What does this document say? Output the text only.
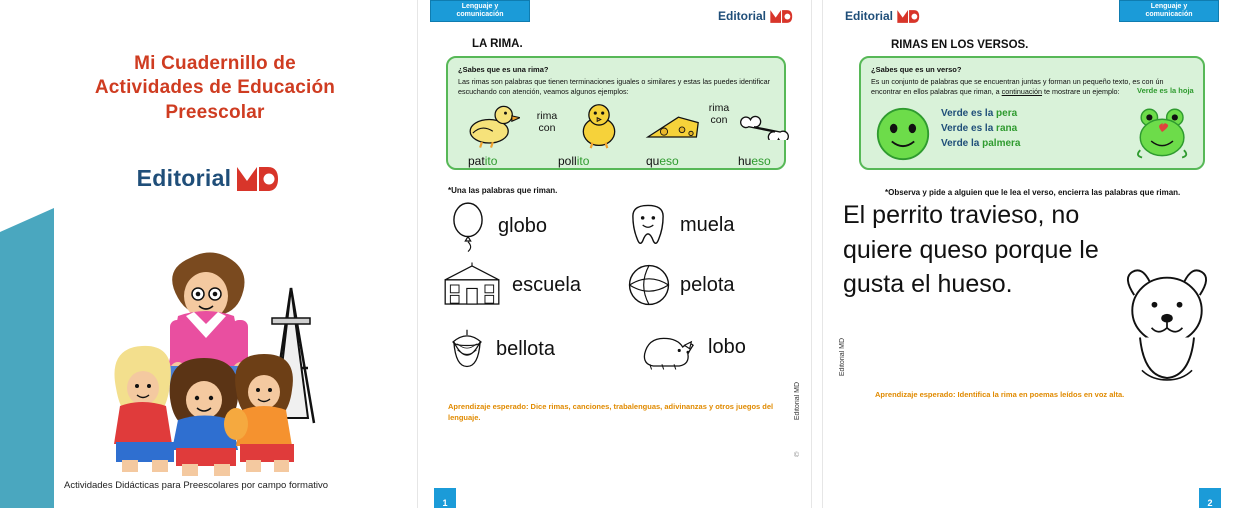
Mi Cuadernillo de
Actividades de Educación
Preescolar
Editorial
Actividades Didácticas para Preescolares por campo formativo
Lenguaje y
comunicación	Editorial
LA RIMA.

¿Sabes que es una rima?

Las rimas son palabras que tienen terminaciones iguales o similares y estas las puedes identificar escuchando con atención, veamos algunos ejemplos:

rima
con
rima
con
patito	pollito	queso	hueso
*Una las palabras que riman.
globo	muela
escuela	pelota
bellota	lobo
Aprendizaje esperado: Dice rimas, canciones, trabalenguas, adivinanzas y otros juegos del lenguaje.	Editorial MD
©
1
Lenguaje y
comunicación
Editorial
RIMAS EN LOS VERSOS.

¿Sabes que es un verso?

Es un conjunto de palabras que se encuentran juntas y forman un pequeño texto, es con ún encontrar en ellos palabras que riman, a continuación te mostrare un ejemplo:	Verde es la hoja
Verde es la pera
Verde es la rana
Verde la palmera
*Observa y pide a alguien que le lea el verso, encierra las palabras que riman.
El perrito travieso, no quiere queso porque le gusta el hueso.
Aprendizaje esperado: Identifica la rima en poemas leídos en voz alta.
Editorial MD
2
